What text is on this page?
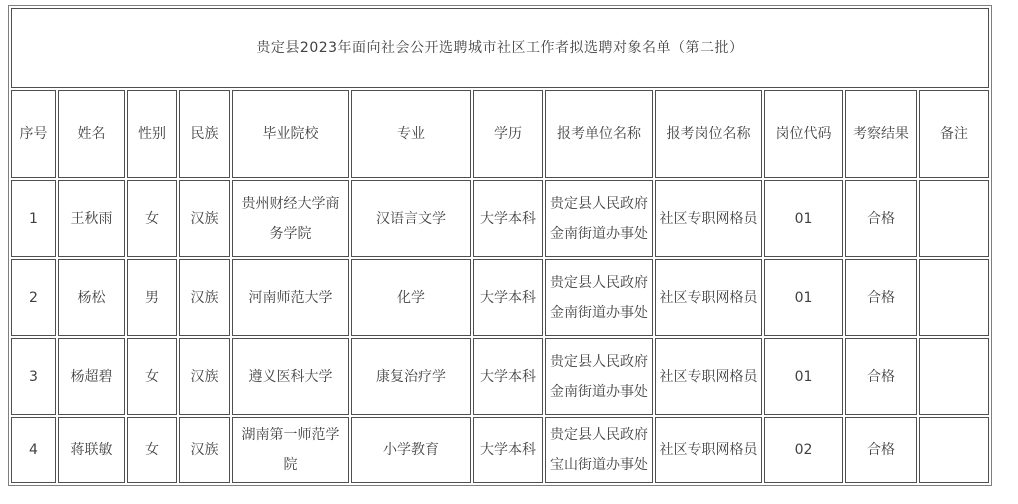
贵定县2023年面向社会公开选聘城市社区工作者拟选聘对象名单（第二批）											
序号	姓名	性别	民族	毕业院校	专业	学历	报考单位名称	报考岗位名称	岗位代码	考察结果	备注
1	王秋雨	女	汉族	贵州财经大学商务学院	汉语言文学	大学本科	贵定县人民政府金南街道办事处	社区专职网格员	01	合格	
2	杨松	男	汉族	河南师范大学	化学	大学本科	贵定县人民政府金南街道办事处	社区专职网格员	01	合格	
3	杨超碧	女	汉族	遵义医科大学	康复治疗学	大学本科	贵定县人民政府金南街道办事处	社区专职网格员	01	合格	
4	蒋联敏	女	汉族	湖南第一师范学院	小学教育	大学本科	贵定县人民政府宝山街道办事处	社区专职网格员	02	合格	
